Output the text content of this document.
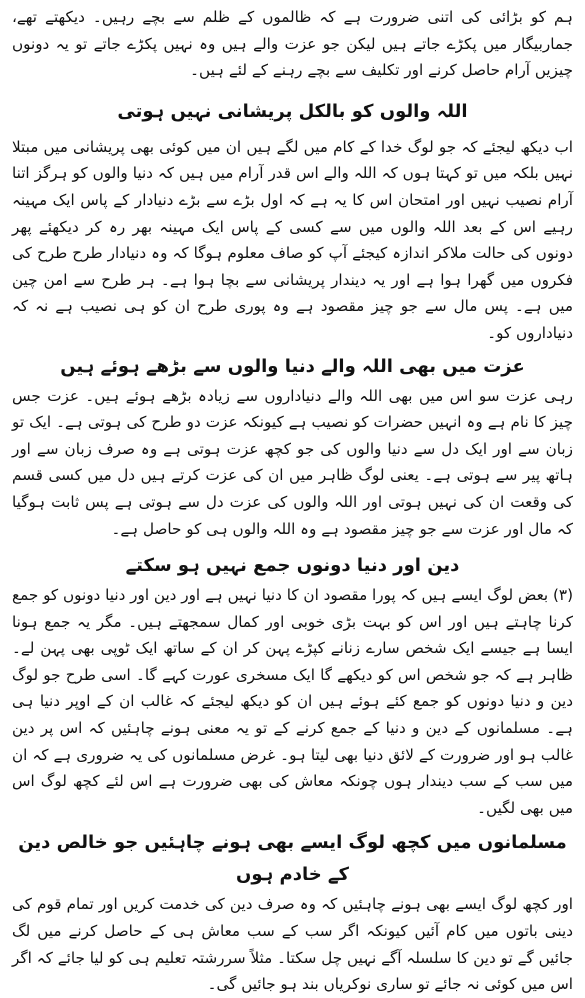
ہم کو بڑائی کی اتنی ضرورت ہے کہ ظالموں کے ظلم سے بچے رہیں۔ دیکھتے تھے، جماربیگار میں پکڑے جاتے ہیں لیکن جو عزت والے ہیں وہ نہیں پکڑے جاتے تو یہ دونوں چیزیں آرام حاصل کرنے اور تکلیف سے بچے رہنے کے لئے ہیں۔

اللہ والوں کو بالکل پریشانی نہیں ہوتی

اب دیکھ لیجئے کہ جو لوگ خدا کے کام میں لگے ہیں ان میں کوئی بھی پریشانی میں مبتلا نہیں بلکہ میں تو کہتا ہوں کہ اللہ والے اس قدر آرام میں ہیں کہ دنیا والوں کو ہرگز اتنا آرام نصیب نہیں اور امتحان اس کا یہ ہے کہ اول بڑے سے بڑے دنیادار کے پاس ایک مہینہ رہیے اس کے بعد اللہ والوں میں سے کسی کے پاس ایک مہینہ بھر رہ کر دیکھئے پھر دونوں کی حالت ملاکر اندازہ کیجئے آپ کو صاف معلوم ہوگا کہ وہ دنیادار طرح طرح کی فکروں میں گھرا ہوا ہے اور یہ دیندار پریشانی سے بچا ہوا ہے۔ ہر طرح سے امن چین میں ہے۔ پس مال سے جو چیز مقصود ہے وہ پوری طرح ان کو ہی نصیب ہے نہ کہ دنیاداروں کو۔

عزت میں بھی اللہ والے دنیا والوں سے بڑھے ہوئے ہیں

رہی عزت سو اس میں بھی اللہ والے دنیاداروں سے زیادہ بڑھے ہوئے ہیں۔ عزت جس چیز کا نام ہے وہ انہیں حضرات کو نصیب ہے کیونکہ عزت دو طرح کی ہوتی ہے۔ ایک تو زبان سے اور ایک دل سے دنیا والوں کی جو کچھ عزت ہوتی ہے وہ صرف زبان سے اور ہاتھ پیر سے ہوتی ہے۔ یعنی لوگ ظاہر میں ان کی عزت کرتے ہیں دل میں کسی قسم کی وقعت ان کی نہیں ہوتی اور اللہ والوں کی عزت دل سے ہوتی ہے پس ثابت ہوگیا کہ مال اور عزت سے جو چیز مقصود ہے وہ اللہ والوں ہی کو حاصل ہے۔

دین اور دنیا دونوں جمع نہیں ہو سکتے

(۳) بعض لوگ ایسے ہیں کہ پورا مقصود ان کا دنیا نہیں ہے اور دین اور دنیا دونوں کو جمع کرنا چاہتے ہیں اور اس کو بہت بڑی خوبی اور کمال سمجھتے ہیں۔ مگر یہ جمع ہونا ایسا ہے جیسے ایک شخص سارے زنانے کپڑے پہن کر ان کے ساتھ ایک ٹوپی بھی پہن لے۔ ظاہر ہے کہ جو شخص اس کو دیکھے گا ایک مسخری عورت کہے گا۔ اسی طرح جو لوگ دین و دنیا دونوں کو جمع کئے ہوئے ہیں ان کو دیکھ لیجئے کہ غالب ان کے اوپر دنیا ہی ہے۔ مسلمانوں کے دین و دنیا کے جمع کرنے کے تو یہ معنی ہونے چاہئیں کہ اس پر دین غالب ہو اور ضرورت کے لائق دنیا بھی لیتا ہو۔ غرض مسلمانوں کی یہ ضروری ہے کہ ان میں سب کے سب دیندار ہوں چونکہ معاش کی بھی ضرورت ہے اس لئے کچھ لوگ اس میں بھی لگیں۔

مسلمانوں میں کچھ لوگ ایسے بھی ہونے چاہئیں جو خالص دین کے خادم ہوں

اور کچھ لوگ ایسے بھی ہونے چاہئیں کہ وہ صرف دین کی خدمت کریں اور تمام قوم کی دینی باتوں میں کام آئیں کیونکہ اگر سب کے سب معاش ہی کے حاصل کرنے میں لگ جائیں گے تو دین کا سلسلہ آگے نہیں چل سکتا۔ مثلاً سررشتہ تعلیم ہی کو لیا جائے کہ اگر اس میں کوئی نہ جائے تو ساری نوکریاں بند ہو جائیں گی۔
